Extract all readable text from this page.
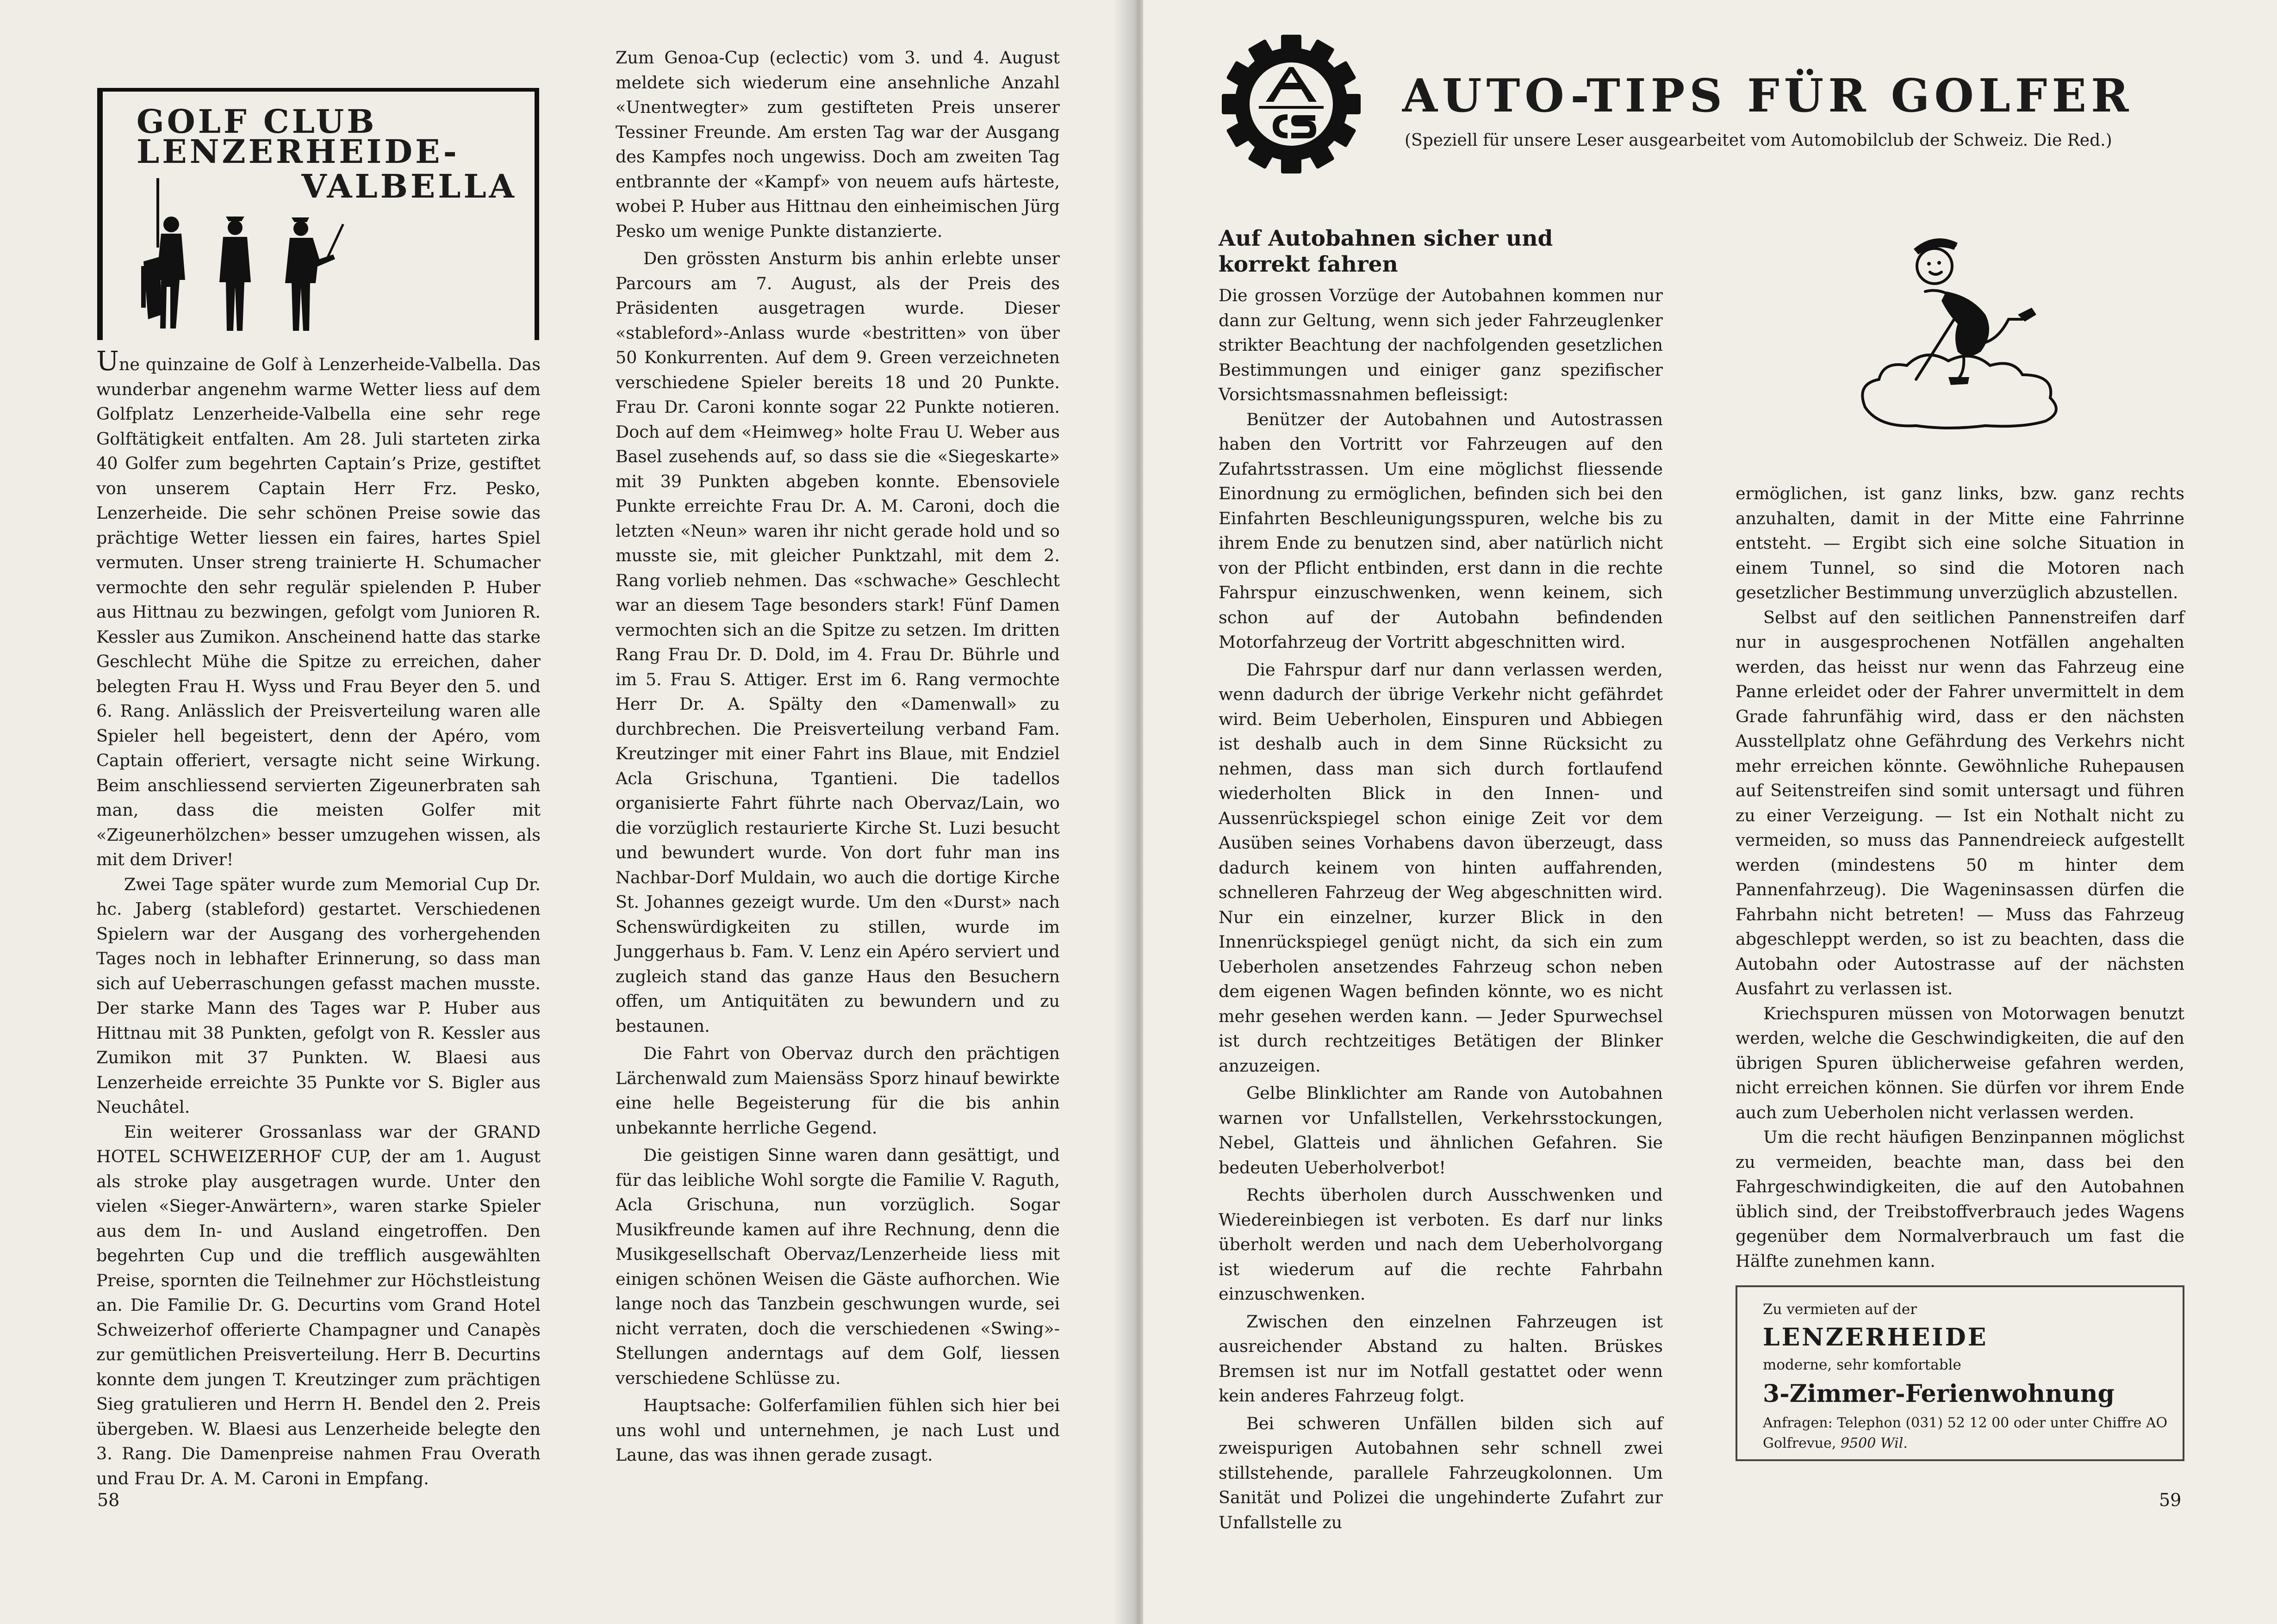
GOLF CLUB
LENZERHEIDE-
VALBELLA

Une quinzaine de Golf à Lenzerheide-Valbella. Das wunderbar angenehm warme Wetter liess auf dem Golfplatz Lenzerheide-Valbella eine sehr rege Golftätigkeit entfalten. Am 28. Juli starteten zirka 40 Golfer zum begehrten Captain’s Prize, gestiftet von unserem Captain Herr Frz. Pesko, Lenzerheide. Die sehr schönen Preise sowie das prächtige Wetter liessen ein faires, hartes Spiel vermuten. Unser streng trainierte H. Schumacher vermochte den sehr regulär spielenden P. Huber aus Hittnau zu bezwingen, gefolgt vom Junioren R. Kessler aus Zumikon. Anscheinend hatte das starke Geschlecht Mühe die Spitze zu erreichen, daher belegten Frau H. Wyss und Frau Beyer den 5. und 6. Rang. Anlässlich der Preisverteilung waren alle Spieler hell begeistert, denn der Apéro, vom Captain offeriert, versagte nicht seine Wirkung. Beim anschliessend servierten Zigeunerbraten sah man, dass die meisten Golfer mit «Zigeunerhölzchen» besser umzugehen wissen, als mit dem Driver!

Zwei Tage später wurde zum Memorial Cup Dr. hc. Jaberg (stableford) gestartet. Verschiedenen Spielern war der Ausgang des vorhergehenden Tages noch in lebhafter Erinnerung, so dass man sich auf Ueberraschungen gefasst machen musste. Der starke Mann des Tages war P. Huber aus Hittnau mit 38 Punkten, gefolgt von R. Kessler aus Zumikon mit 37 Punkten. W. Blaesi aus Lenzerheide erreichte 35 Punkte vor S. Bigler aus Neuchâtel.

Ein weiterer Grossanlass war der GRAND HOTEL SCHWEIZERHOF CUP, der am 1. August als stroke play ausgetragen wurde. Unter den vielen «Sieger-Anwärtern», waren starke Spieler aus dem In- und Ausland eingetroffen. Den begehrten Cup und die trefflich ausgewählten Preise, spornten die Teilnehmer zur Höchstleistung an. Die Familie Dr. G. Decurtins vom Grand Hotel Schweizerhof offerierte Champagner und Canapès zur gemütlichen Preisverteilung. Herr B. Decurtins konnte dem jungen T. Kreutzinger zum prächtigen Sieg gratulieren und Herrn H. Bendel den 2. Preis übergeben. W. Blaesi aus Lenzerheide belegte den 3. Rang. Die Damenpreise nahmen Frau Overath und Frau Dr. A. M. Caroni in Empfang.

Zum Genoa-Cup (eclectic) vom 3. und 4. August meldete sich wiederum eine ansehnliche Anzahl «Unentwegter» zum gestifteten Preis unserer Tessiner Freunde. Am ersten Tag war der Ausgang des Kampfes noch ungewiss. Doch am zweiten Tag entbrannte der «Kampf» von neuem aufs härteste, wobei P. Huber aus Hittnau den einheimischen Jürg Pesko um wenige Punkte distanzierte.

Den grössten Ansturm bis anhin erlebte unser Parcours am 7. August, als der Preis des Präsidenten ausgetragen wurde. Dieser «stableford»-Anlass wurde «bestritten» von über 50 Konkurrenten. Auf dem 9. Green verzeichneten verschiedene Spieler bereits 18 und 20 Punkte. Frau Dr. Caroni konnte sogar 22 Punkte notieren. Doch auf dem «Heimweg» holte Frau U. Weber aus Basel zusehends auf, so dass sie die «Siegeskarte» mit 39 Punkten abgeben konnte. Ebensoviele Punkte erreichte Frau Dr. A. M. Caroni, doch die letzten «Neun» waren ihr nicht gerade hold und so musste sie, mit gleicher Punktzahl, mit dem 2. Rang vorlieb nehmen. Das «schwache» Geschlecht war an diesem Tage besonders stark! Fünf Damen vermochten sich an die Spitze zu setzen. Im dritten Rang Frau Dr. D. Dold, im 4. Frau Dr. Bührle und im 5. Frau S. Attiger. Erst im 6. Rang vermochte Herr Dr. A. Spälty den «Damenwall» zu durchbrechen. Die Preisverteilung verband Fam. Kreutzinger mit einer Fahrt ins Blaue, mit Endziel Acla Grischuna, Tgantieni. Die tadellos organisierte Fahrt führte nach Obervaz/Lain, wo die vorzüglich restaurierte Kirche St. Luzi besucht und bewundert wurde. Von dort fuhr man ins Nachbar-Dorf Muldain, wo auch die dortige Kirche St. Johannes gezeigt wurde. Um den «Durst» nach Schenswürdigkeiten zu stillen, wurde im Junggerhaus b. Fam. V. Lenz ein Apéro serviert und zugleich stand das ganze Haus den Besuchern offen, um Antiquitäten zu bewundern und zu bestaunen.

Die Fahrt von Obervaz durch den prächtigen Lärchenwald zum Maiensäss Sporz hinauf bewirkte eine helle Begeisterung für die bis anhin unbekannte herrliche Gegend.

Die geistigen Sinne waren dann gesättigt, und für das leibliche Wohl sorgte die Familie V. Raguth, Acla Grischuna, nun vorzüglich. Sogar Musikfreunde kamen auf ihre Rechnung, denn die Musikgesellschaft Obervaz/Lenzerheide liess mit einigen schönen Weisen die Gäste aufhorchen. Wie lange noch das Tanzbein geschwungen wurde, sei nicht verraten, doch die verschiedenen «Swing»-Stellungen anderntags auf dem Golf, liessen verschiedene Schlüsse zu.

Hauptsache: Golferfamilien fühlen sich hier bei uns wohl und unternehmen, je nach Lust und Laune, das was ihnen gerade zusagt.

58
AUTO-TIPS FÜR GOLFER
(Speziell für unsere Leser ausgearbeitet vom Automobilclub der Schweiz. Die Red.)
Auf Autobahnen sicher und korrekt fahren

Die grossen Vorzüge der Autobahnen kommen nur dann zur Geltung, wenn sich jeder Fahrzeuglenker strikter Beachtung der nachfolgenden gesetzlichen Bestimmungen und einiger ganz spezifischer Vorsichtsmassnahmen befleissigt:

Benützer der Autobahnen und Autostrassen haben den Vortritt vor Fahrzeugen auf den Zufahrtsstrassen. Um eine möglichst fliessende Einordnung zu ermöglichen, befinden sich bei den Einfahrten Beschleunigungsspuren, welche bis zu ihrem Ende zu benutzen sind, aber natürlich nicht von der Pflicht entbinden, erst dann in die rechte Fahrspur einzuschwenken, wenn keinem, sich schon auf der Autobahn befindenden Motorfahrzeug der Vortritt abgeschnitten wird.

Die Fahrspur darf nur dann verlassen werden, wenn dadurch der übrige Verkehr nicht gefährdet wird. Beim Ueberholen, Einspuren und Abbiegen ist deshalb auch in dem Sinne Rücksicht zu nehmen, dass man sich durch fortlaufend wiederholten Blick in den Innen- und Aussenrückspiegel schon einige Zeit vor dem Ausüben seines Vorhabens davon überzeugt, dass dadurch keinem von hinten auffahrenden, schnelleren Fahrzeug der Weg abgeschnitten wird. Nur ein einzelner, kurzer Blick in den Innenrückspiegel genügt nicht, da sich ein zum Ueberholen ansetzendes Fahrzeug schon neben dem eigenen Wagen befinden könnte, wo es nicht mehr gesehen werden kann. — Jeder Spurwechsel ist durch rechtzeitiges Betätigen der Blinker anzuzeigen.

Gelbe Blinklichter am Rande von Autobahnen warnen vor Unfallstellen, Verkehrsstockungen, Nebel, Glatteis und ähnlichen Gefahren. Sie bedeuten Ueberholverbot!

Rechts überholen durch Ausschwenken und Wiedereinbiegen ist verboten. Es darf nur links überholt werden und nach dem Ueberholvorgang ist wiederum auf die rechte Fahrbahn einzuschwenken.

Zwischen den einzelnen Fahrzeugen ist ausreichender Abstand zu halten. Brüskes Bremsen ist nur im Notfall gestattet oder wenn kein anderes Fahrzeug folgt.

Bei schweren Unfällen bilden sich auf zweispurigen Autobahnen sehr schnell zwei stillstehende, parallele Fahrzeugkolonnen. Um Sanität und Polizei die ungehinderte Zufahrt zur Unfallstelle zu

ermöglichen, ist ganz links, bzw. ganz rechts anzuhalten, damit in der Mitte eine Fahrrinne entsteht. — Ergibt sich eine solche Situation in einem Tunnel, so sind die Motoren nach gesetzlicher Bestimmung unverzüglich abzustellen.

Selbst auf den seitlichen Pannenstreifen darf nur in ausgesprochenen Notfällen angehalten werden, das heisst nur wenn das Fahrzeug eine Panne erleidet oder der Fahrer unvermittelt in dem Grade fahrunfähig wird, dass er den nächsten Ausstellplatz ohne Gefährdung des Verkehrs nicht mehr erreichen könnte. Gewöhnliche Ruhepausen auf Seitenstreifen sind somit untersagt und führen zu einer Verzeigung. — Ist ein Nothalt nicht zu vermeiden, so muss das Pannendreieck aufgestellt werden (mindestens 50 m hinter dem Pannenfahrzeug). Die Wageninsassen dürfen die Fahrbahn nicht betreten! — Muss das Fahrzeug abgeschleppt werden, so ist zu beachten, dass die Autobahn oder Autostrasse auf der nächsten Ausfahrt zu verlassen ist.

Kriechspuren müssen von Motorwagen benutzt werden, welche die Geschwindigkeiten, die auf den übrigen Spuren üblicherweise gefahren werden, nicht erreichen können. Sie dürfen vor ihrem Ende auch zum Ueberholen nicht verlassen werden.

Um die recht häufigen Benzinpannen möglichst zu vermeiden, beachte man, dass bei den Fahrgeschwindigkeiten, die auf den Autobahnen üblich sind, der Treibstoffverbrauch jedes Wagens gegenüber dem Normalverbrauch um fast die Hälfte zunehmen kann.

Zu vermieten auf der
LENZERHEIDE
moderne, sehr komfortable
3-Zimmer-Ferienwohnung
Anfragen: Telephon (031) 52 12 00 oder unter Chiffre AO Golfrevue, 9500 Wil.
59
